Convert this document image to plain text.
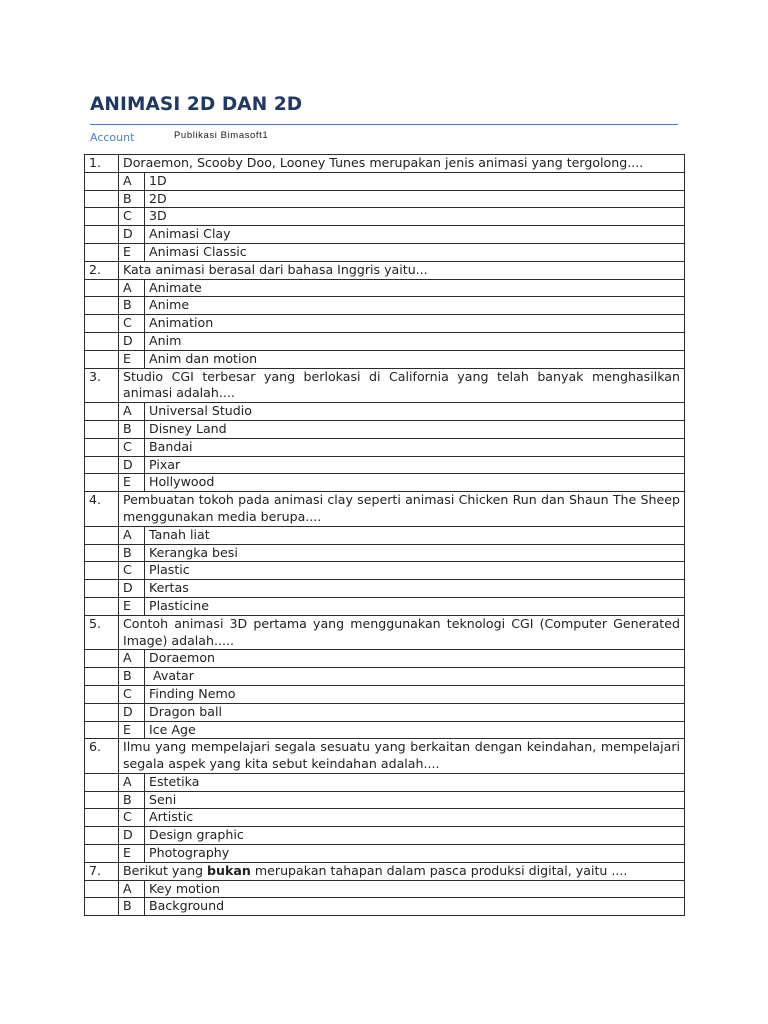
ANIMASI 2D DAN 2D
Account	Publikasi Bimasoft1
1.	Doraemon, Scooby Doo, Looney Tunes merupakan jenis animasi yang tergolong....	
	A	1D
	B	2D
	C	3D
	D	Animasi Clay
	E	Animasi Classic
2.	Kata animasi berasal dari bahasa Inggris yaitu...	
	A	Animate
	B	Anime
	C	Animation
	D	Anim
	E	Anim dan motion
3.	Studio CGI terbesar yang berlokasi di California yang telah banyak menghasilkan animasi adalah....	
	A	Universal Studio
	B	Disney Land
	C	Bandai
	D	Pixar
	E	Hollywood
4.	Pembuatan tokoh pada animasi clay seperti animasi Chicken Run dan Shaun The Sheep menggunakan media berupa....	
	A	Tanah liat
	B	Kerangka besi
	C	Plastic
	D	Kertas
	E	Plasticine
5.	Contoh animasi 3D pertama yang menggunakan teknologi CGI (Computer Generated Image) adalah.....	
	A	Doraemon
	B	Avatar
	C	Finding Nemo
	D	Dragon ball
	E	Ice Age
6.	Ilmu yang mempelajari segala sesuatu yang berkaitan dengan keindahan, mempelajari segala aspek yang kita sebut keindahan adalah....	
	A	Estetika
	B	Seni
	C	Artistic
	D	Design graphic
	E	Photography
7.	Berikut yang bukan merupakan tahapan dalam pasca produksi digital, yaitu ....	
	A	Key motion
	B	Background
